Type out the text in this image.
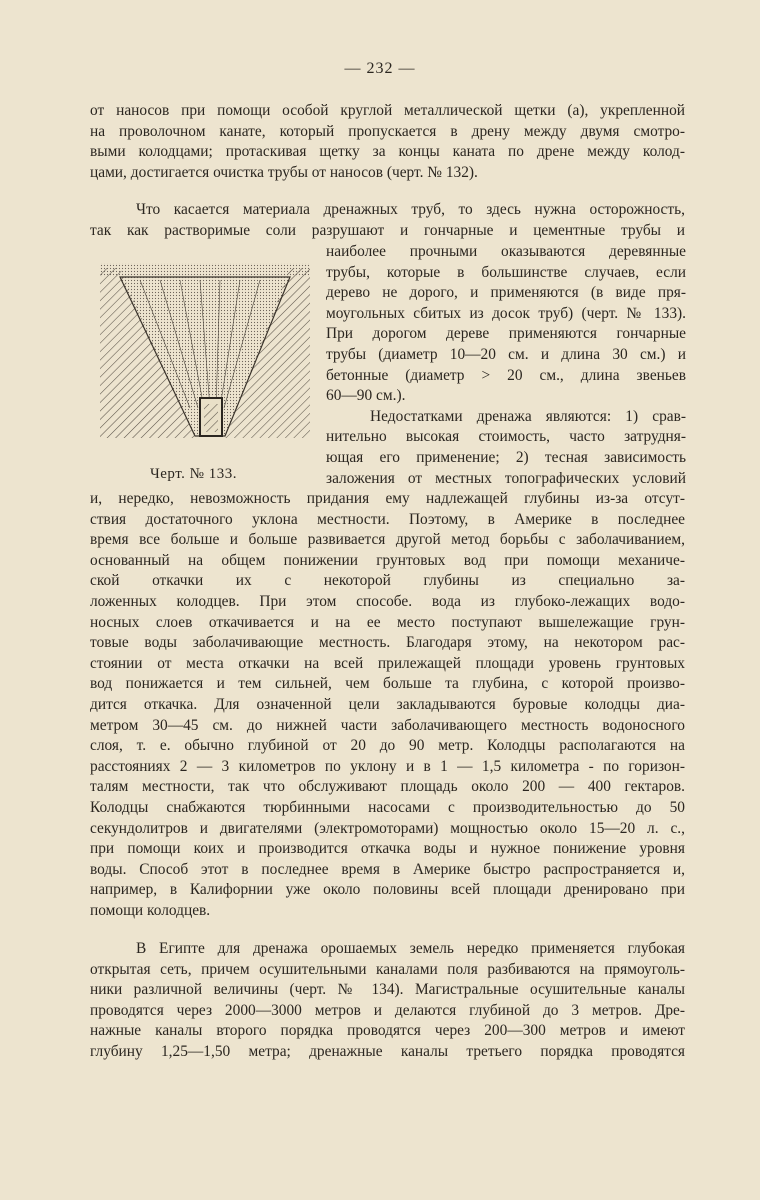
— 232 —
от наносов при помощи особой круглой металлической щетки (а), укрепленной
на проволочном канате, который пропускается в дрену между двумя смотро-
выми колодцами; протаскивая щетку за концы каната по дрене между колод-
цами, достигается очистка трубы от наносов (черт. № 132).
Что касается материала дренажных труб, то здесь нужна осторожность,
так как растворимые соли разрушают и гончарные и цементные трубы и
наиболее прочными оказываются деревянные
трубы, которые в большинстве случаев, если
дерево не дорого, и применяются (в виде пря-
моугольных сбитых из досок труб) (черт. № 133).
При дорогом дереве применяются гончарные
трубы (диаметр 10—20 см. и длина 30 см.) и
бетонные (диаметр > 20 см., длина звеньев
60—90 см.).
Недостатками дренажа являются: 1) срав-
нительно высокая стоимость, часто затрудня-
ющая его применение; 2) тесная зависимость
заложения от местных топографических условий
Черт. № 133.
и, нередко, невозможность придания ему надлежащей глубины из-за отсут-
ствия достаточного уклона местности. Поэтому, в Америке в последнее
время все больше и больше развивается другой метод борьбы с заболачиванием,
основанный на общем понижении грунтовых вод при помощи механиче-
ской откачки их с некоторой глубины из специально за-
ложенных колодцев. При этом способе. вода из глубоко-лежащих водо-
носных слоев откачивается и на ее место поступают вышележащие грун-
товые воды заболачивающие местность. Благодаря этому, на некотором рас-
стоянии от места откачки на всей прилежащей площади уровень грунтовых
вод понижается и тем сильней, чем больше та глубина, с которой произво-
дится откачка. Для означенной цели закладываются буровые колодцы диа-
метром 30—45 см. до нижней части заболачивающего местность водоносного
слоя, т. е. обычно глубиной от 20 до 90 метр. Колодцы располагаются на
расстояниях 2 — 3 километров по уклону и в 1 — 1,5 километра - по горизон-
талям местности, так что обслуживают площадь около 200 — 400 гектаров.
Колодцы снабжаются тюрбинными насосами с производительностью до 50
секундолитров и двигателями (электромоторами) мощностью около 15—20 л. с.,
при помощи коих и производится откачка воды и нужное понижение уровня
воды. Способ этот в последнее время в Америке быстро распространяется и,
например, в Калифорнии уже около половины всей площади дренировано при
помощи колодцев.
В Египте для дренажа орошаемых земель нередко применяется глубокая
открытая сеть, причем осушительными каналами поля разбиваются на прямоуголь-
ники различной величины (черт. № 134). Магистральные осушительные каналы
проводятся через 2000—3000 метров и делаются глубиной до 3 метров. Дре-
нажные каналы второго порядка проводятся через 200—300 метров и имеют
глубину 1,25—1,50 метра; дренажные каналы третьего порядка проводятся
